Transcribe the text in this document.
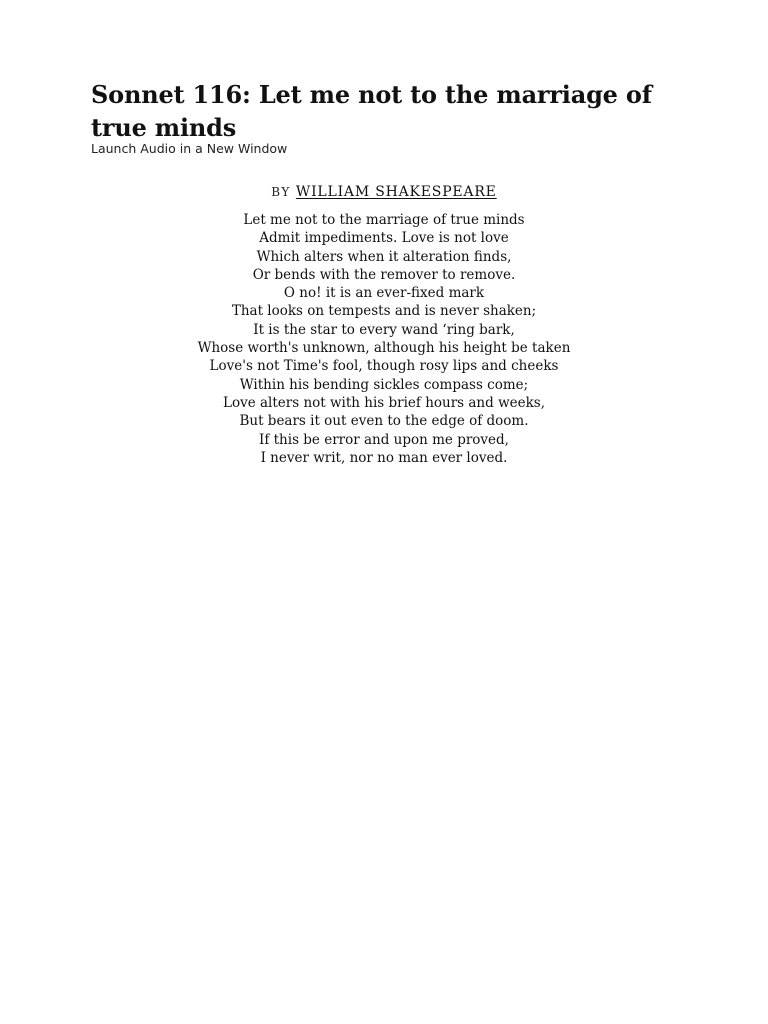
Sonnet 116: Let me not to the marriage of true minds
Launch Audio in a New Window
BY WILLIAM SHAKESPEARE
Let me not to the marriage of true minds
Admit impediments. Love is not love
Which alters when it alteration finds,
Or bends with the remover to remove.
O no! it is an ever-fixed mark
That looks on tempests and is never shaken;
It is the star to every wand ‘ring bark,
Whose worth's unknown, although his height be taken
Love's not Time's fool, though rosy lips and cheeks
Within his bending sickles compass come;
Love alters not with his brief hours and weeks,
But bears it out even to the edge of doom.
If this be error and upon me proved,
I never writ, nor no man ever loved.
